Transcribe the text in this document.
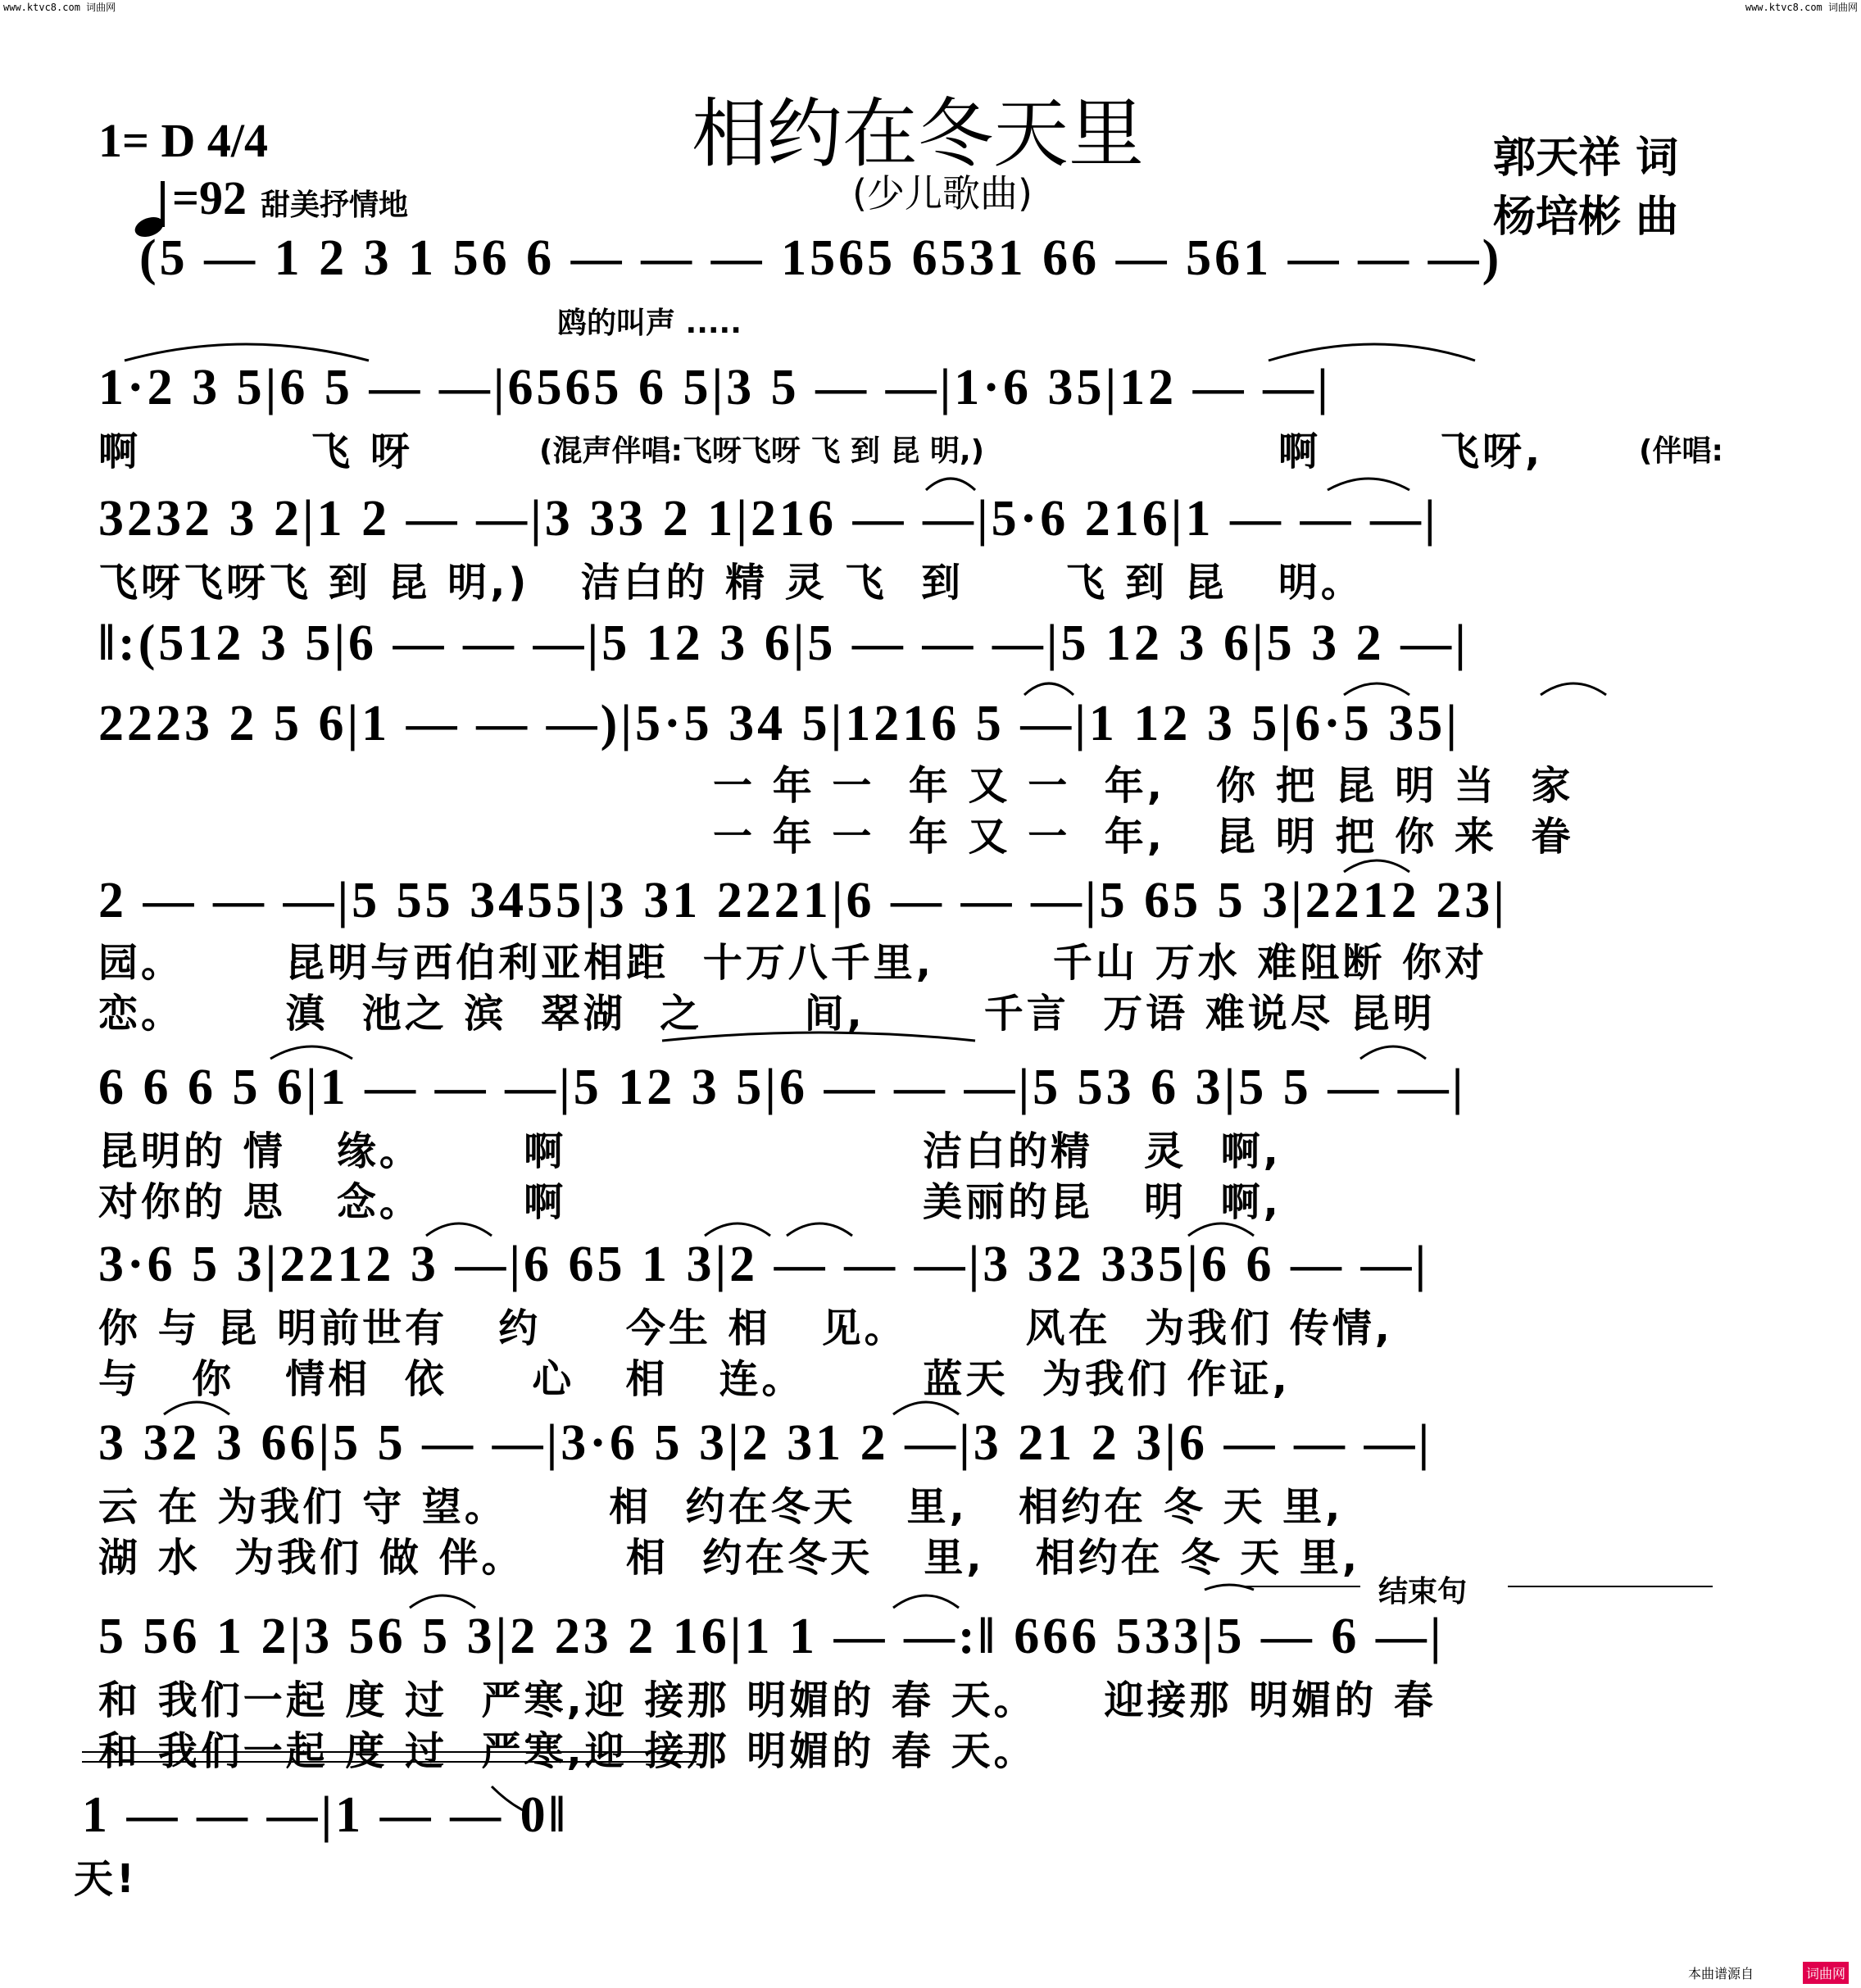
www.ktvc8.com 词曲网	www.ktvc8.com 词曲网
相约在冬天里
(少儿歌曲)
1= D 4/4

=92 甜美抒情地
郭天祥 词
杨培彬 曲
(5 — 1 2 3 1 56 6 — — — 1565 6531 66 — 561 — — —)
鸥的叫声 .....
1·2 3 5|6 5 — —|6565 6 5|3 5 — —|1·6 35|12 — —|
啊          飞 呀	(混声伴唱:飞呀飞呀 飞 到 昆 明,)	啊       飞呀,	(伴唱:
3232 3 2|1 2 — —|3 33 2 1|216 — —|5·6 216|1 — — —|
飞呀飞呀飞 到 昆 明,)   洁白的 精 灵 飞  到      飞 到 昆   明。
‖:(512 3 5|6 — — —|5 12 3 6|5 — — —|5 12 3 6|5 3 2 —|
2223 2 5 6|1 — — —)|5·5 34 5|1216 5 —|1 12 3 5|6·5 35|
一 年 一  年 又 一  年,   你 把 昆 明 当  家
一 年 一  年 又 一  年,   昆 明 把 你 来  眷
2 — — —|5 55 3455|3 31 2221|6 — — —|5 65 5 3|2212 23|
园。      昆明与西伯利亚相距  十万八千里,       千山 万水 难阻断 你对
恋。      滇  池之 滨  翠湖  之      间,       千言  万语 难说尽 昆明
6 6 6 5 6|1 — — —|5 12 3 5|6 — — —|5 53 6 3|5 5 — —|
昆明的 情   缘。      啊                     洁白的精   灵  啊,
对你的 思   念。      啊                     美丽的昆   明  啊,
3·6 5 3|2212 3 —|6 65 1 3|2 — — —|3 32 335|6 6 — —|
你 与 昆 明前世有   约     今生 相   见。       风在  为我们 传情,
与   你   情相  依     心   相   连。       蓝天  为我们 作证,
3 32 3 66|5 5 — —|3·6 5 3|2 31 2 —|3 21 2 3|6 — — —|
云 在 为我们 守 望。      相  约在冬天   里,   相约在 冬 天 里,
湖 水  为我们 做 伴。      相  约在冬天   里,   相约在 冬 天 里,
结束句
5 56 1 2|3 56 5 3|2 23 2 16|1 1 — —:‖ 666 533|5 — 6 —|
和 我们一起 度 过  严寒,迎 接那 明媚的 春 天。    迎接那 明媚的 春
和 我们一起 度 过  严寒,迎 接那 明媚的 春 天。
1 — — —|1 — — 0‖
天!
本曲谱源自	词曲网
